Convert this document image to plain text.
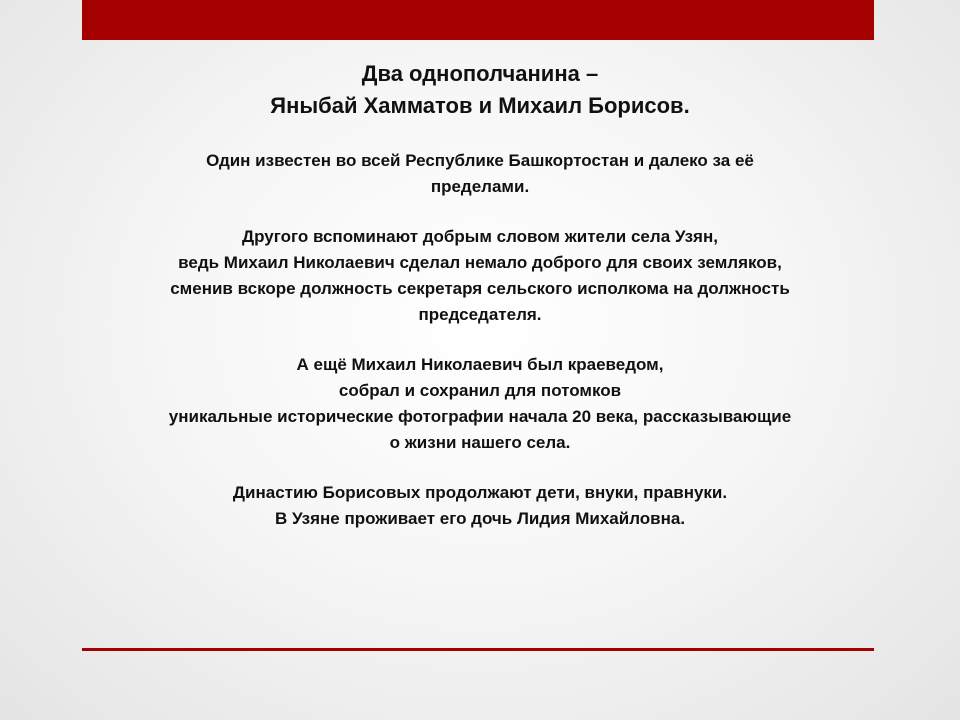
Два однополчанина –
Яныбай Хамматов и Михаил Борисов.

Один известен во всей Республике Башкортостан и далеко за её
пределами.

Другого вспоминают добрым словом жители села Узян,
ведь Михаил Николаевич сделал немало доброго для своих земляков,
сменив вскоре должность секретаря сельского исполкома на должность
председателя.

А ещё Михаил Николаевич был краеведом,
собрал и сохранил для потомков
уникальные исторические фотографии начала 20 века, рассказывающие
о жизни нашего села.

Династию Борисовых продолжают дети, внуки, правнуки.
В Узяне проживает его дочь Лидия Михайловна.
